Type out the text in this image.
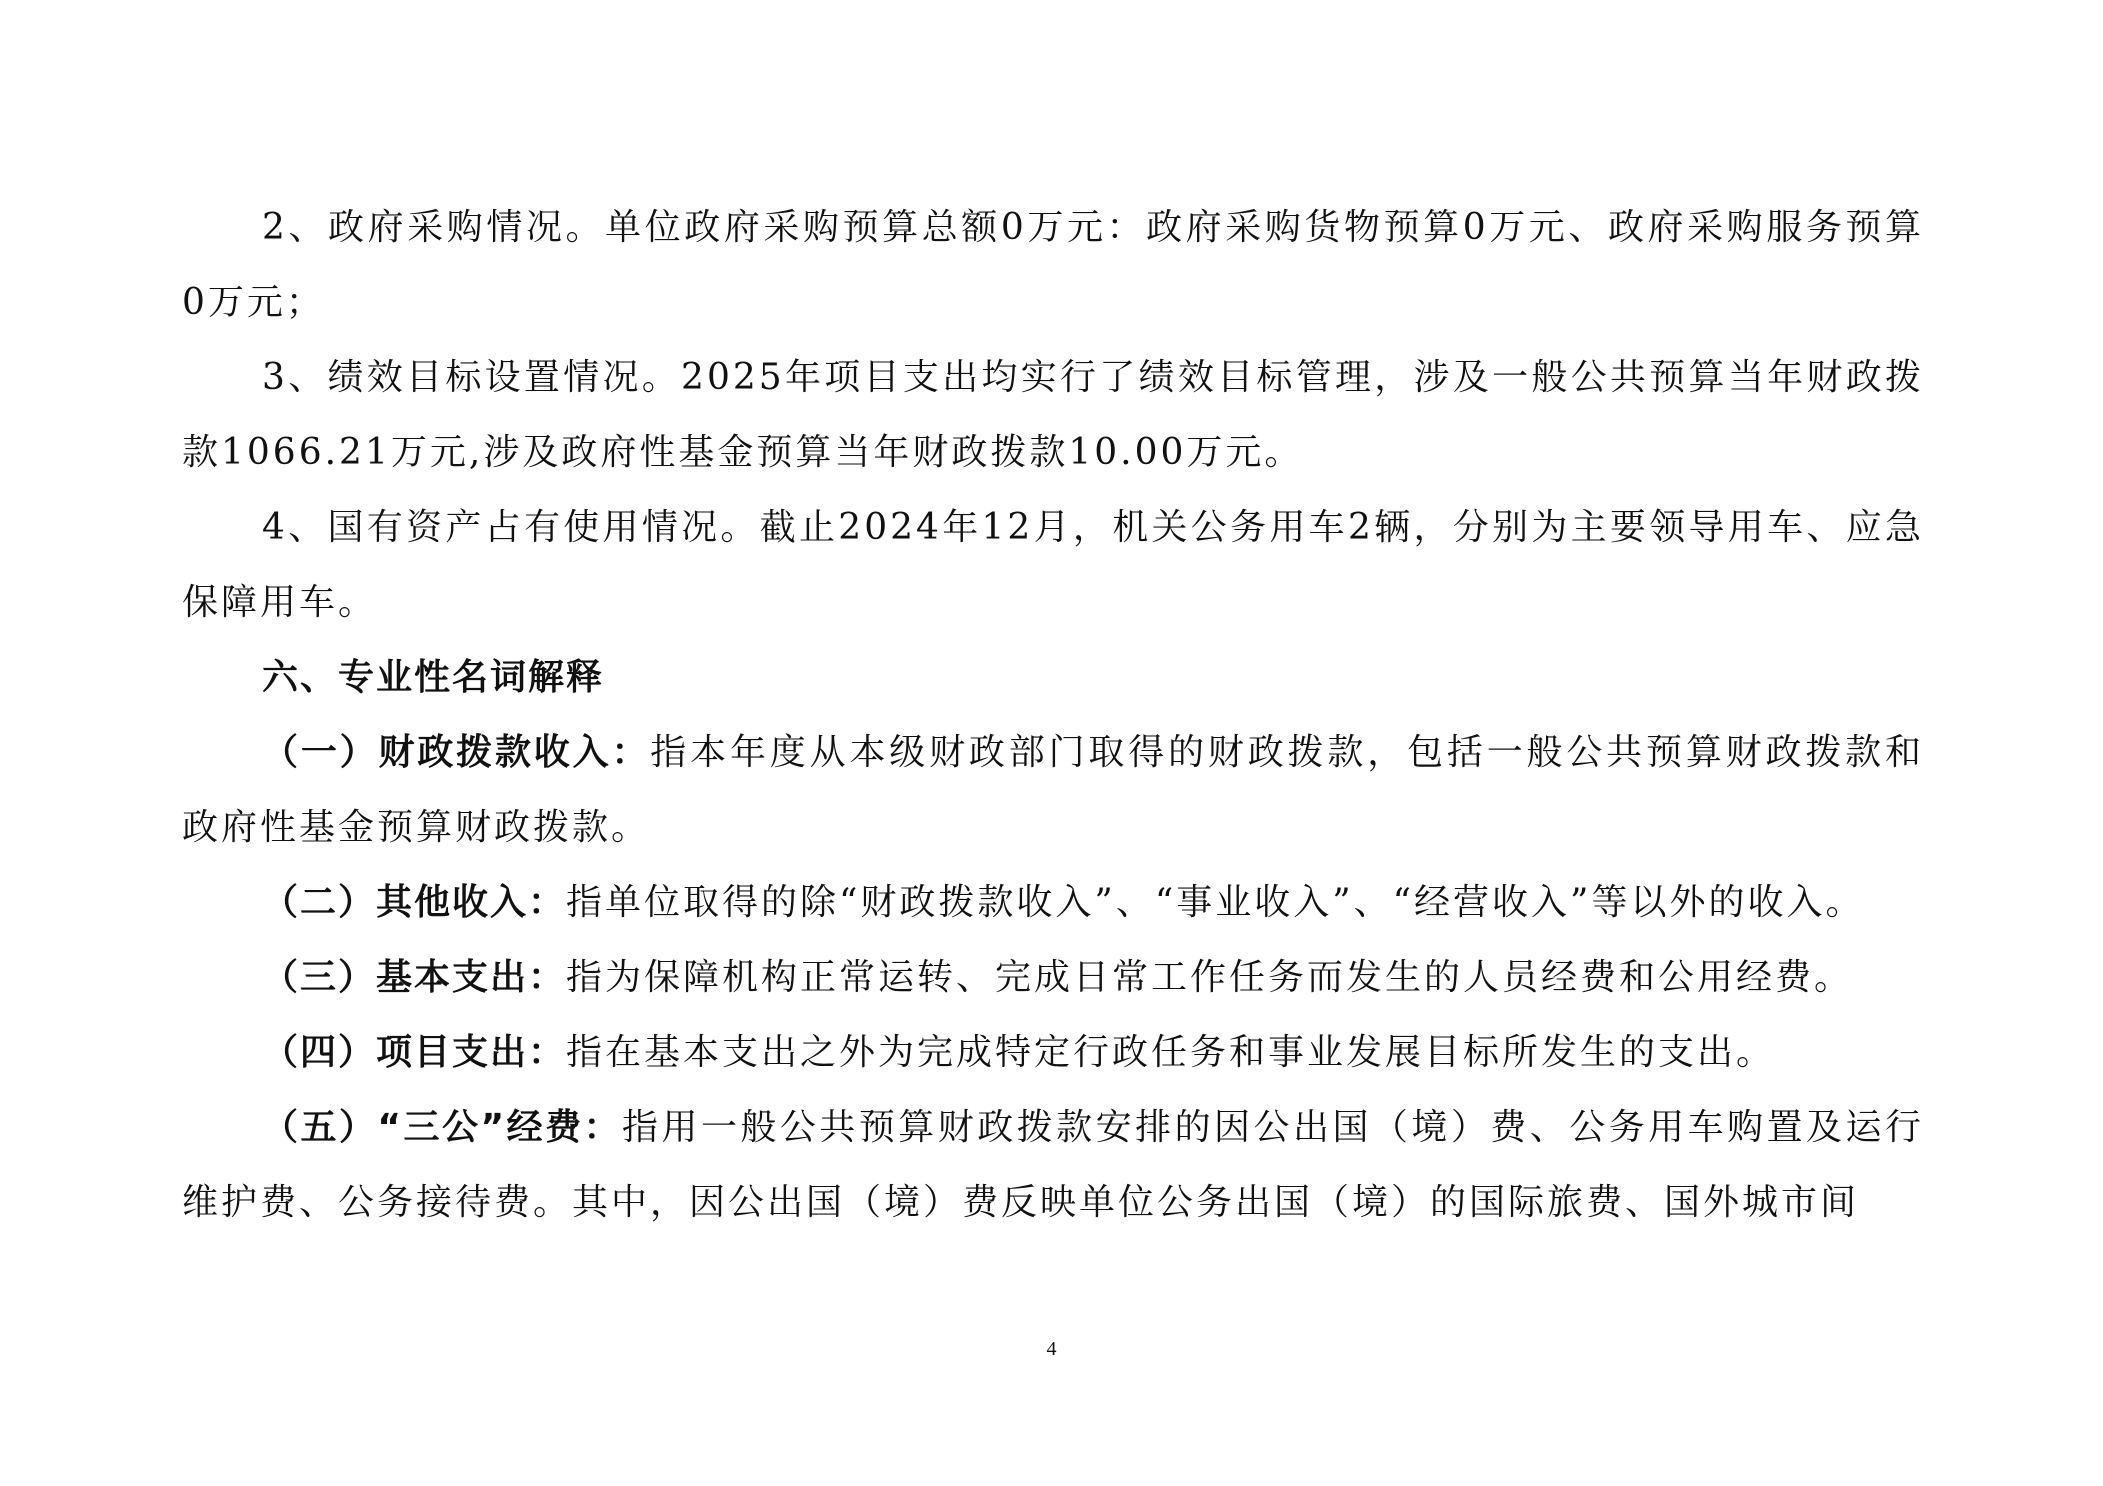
2、政府采购情况。单位政府采购预算总额0万元：政府采购货物预算0万元、政府采购服务预算0万元；

3、绩效目标设置情况。2025年项目支出均实行了绩效目标管理，涉及一般公共预算当年财政拨款1066.21万元,涉及政府性基金预算当年财政拨款10.00万元。

4、国有资产占有使用情况。截止2024年12月，机关公务用车2辆，分别为主要领导用车、应急保障用车。

六、专业性名词解释

（一）财政拨款收入：指本年度从本级财政部门取得的财政拨款，包括一般公共预算财政拨款和政府性基金预算财政拨款。

（二）其他收入：指单位取得的除“财政拨款收入”、“事业收入”、“经营收入”等以外的收入。

（三）基本支出：指为保障机构正常运转、完成日常工作任务而发生的人员经费和公用经费。

（四）项目支出：指在基本支出之外为完成特定行政任务和事业发展目标所发生的支出。

（五）“三公”经费：指用一般公共预算财政拨款安排的因公出国（境）费、公务用车购置及运行维护费、公务接待费。其中，因公出国（境）费反映单位公务出国（境）的国际旅费、国外城市间

4
